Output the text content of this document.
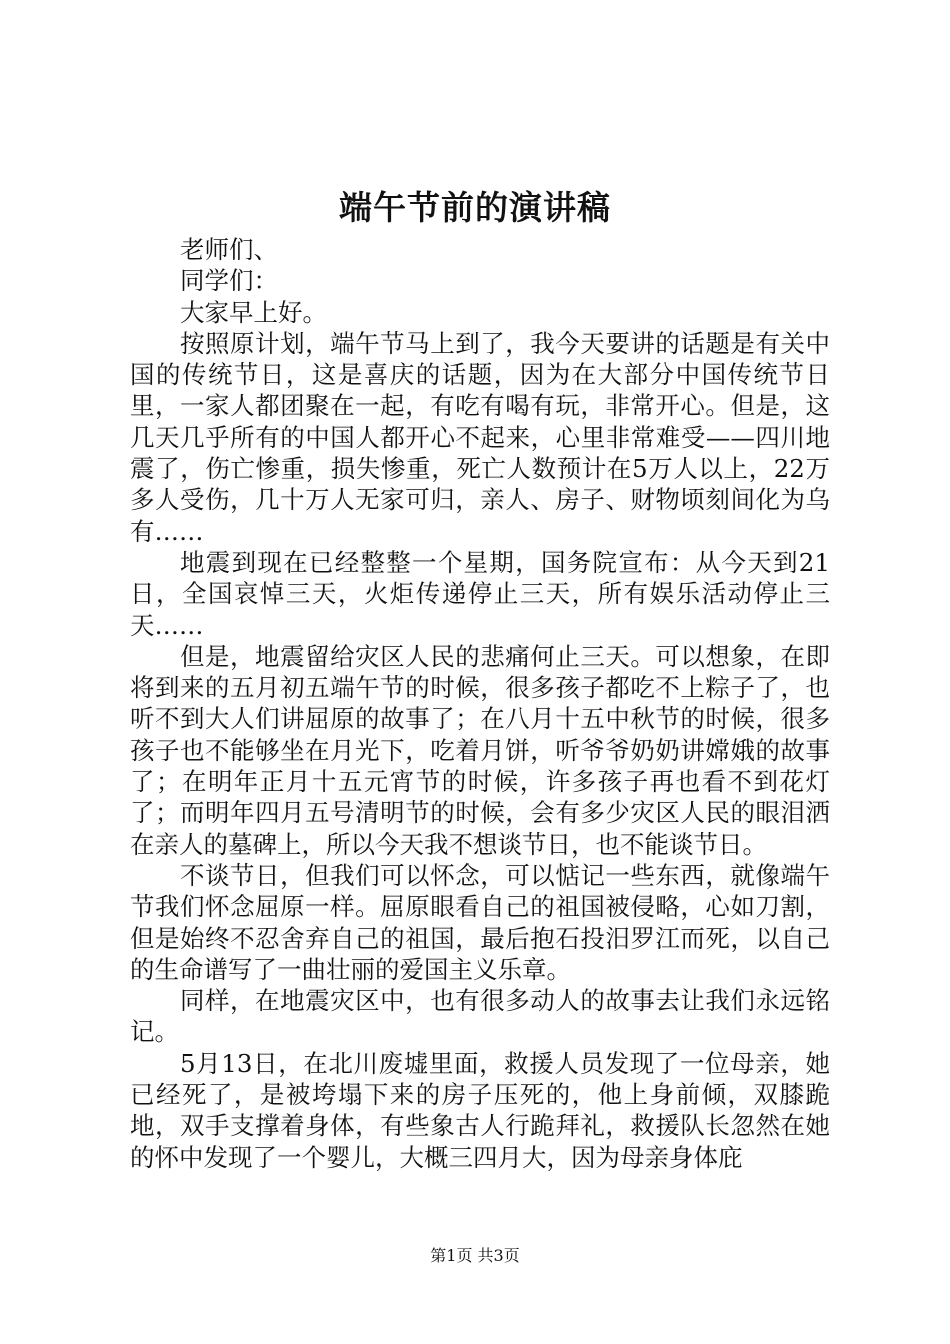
端午节前的演讲稿

老师们、

同学们：

大家早上好。

按照原计划，端午节马上到了，我今天要讲的话题是有关中国的传统节日，这是喜庆的话题，因为在大部分中国传统节日里，一家人都团聚在一起，有吃有喝有玩，非常开心。但是，这几天几乎所有的中国人都开心不起来，心里非常难受——四川地震了，伤亡惨重，损失惨重，死亡人数预计在5万人以上，22万多人受伤，几十万人无家可归，亲人、房子、财物顷刻间化为乌有……

地震到现在已经整整一个星期，国务院宣布：从今天到21日，全国哀悼三天，火炬传递停止三天，所有娱乐活动停止三天……

但是，地震留给灾区人民的悲痛何止三天。可以想象，在即将到来的五月初五端午节的时候，很多孩子都吃不上粽子了，也听不到大人们讲屈原的故事了；在八月十五中秋节的时候，很多孩子也不能够坐在月光下，吃着月饼，听爷爷奶奶讲嫦娥的故事了；在明年正月十五元宵节的时候，许多孩子再也看不到花灯了；而明年四月五号清明节的时候，会有多少灾区人民的眼泪洒在亲人的墓碑上，所以今天我不想谈节日，也不能谈节日。

不谈节日，但我们可以怀念，可以惦记一些东西，就像端午节我们怀念屈原一样。屈原眼看自己的祖国被侵略，心如刀割，但是始终不忍舍弃自己的祖国，最后抱石投汨罗江而死，以自己的生命谱写了一曲壮丽的爱国主义乐章。

同样，在地震灾区中，也有很多动人的故事去让我们永远铭记。

5月13日，在北川废墟里面，救援人员发现了一位母亲，她已经死了，是被垮塌下来的房子压死的，他上身前倾，双膝跪地，双手支撑着身体，有些象古人行跪拜礼，救援队长忽然在她的怀中发现了一个婴儿，大概三四月大，因为母亲身体庇

第1页 共3页
